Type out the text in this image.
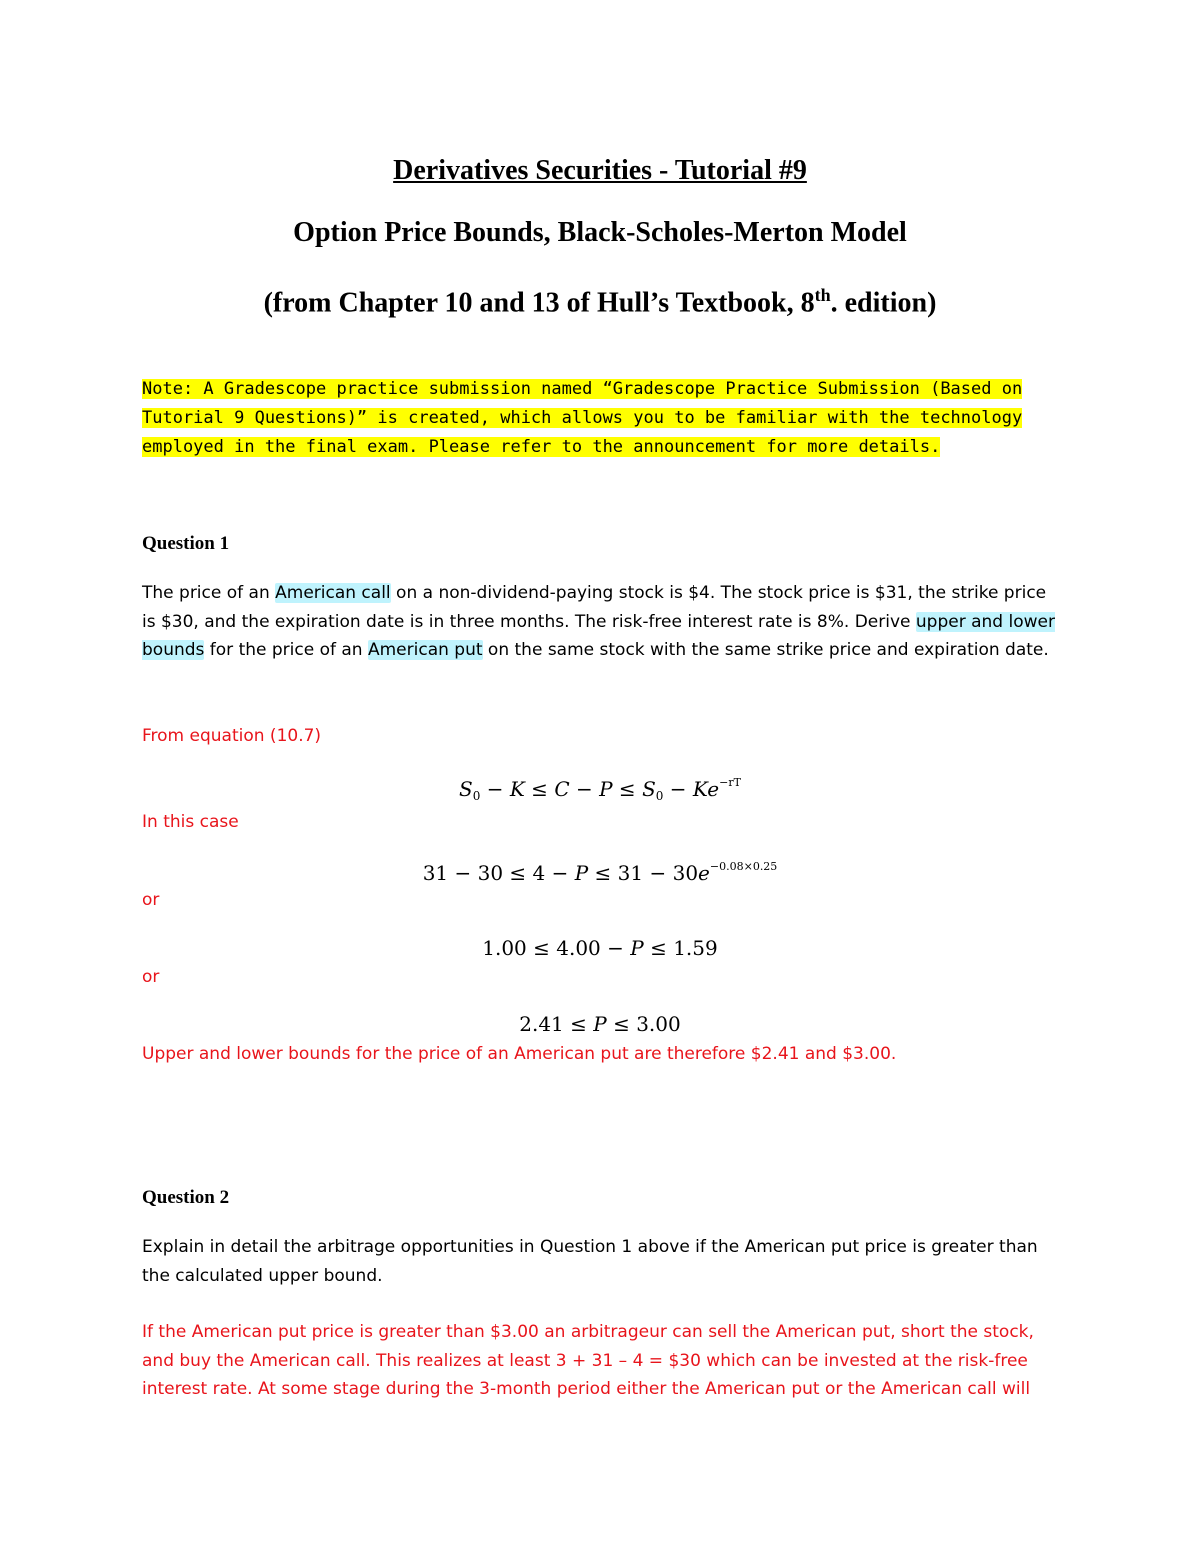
Derivatives Securities - Tutorial #9
Option Price Bounds, Black-Scholes-Merton Model
(from Chapter 10 and 13 of Hull’s Textbook, 8th. edition)
Note: A Gradescope practice submission named “Gradescope Practice Submission (Based on Tutorial 9 Questions)” is created, which allows you to be familiar with the technology employed in the final exam. Please refer to the announcement for more details.
Question 1
The price of an American call on a non-dividend-paying stock is $4. The stock price is $31, the strike price is $30, and the expiration date is in three months. The risk-free interest rate is 8%. Derive upper and lower bounds for the price of an American put on the same stock with the same strike price and expiration date.
From equation (10.7)
$S_0 - K \le C - P \le S_0 - Ke^{-rT}$
In this case
$31 - 30 \le 4 - P \le 31 - 30e^{-0.08\times 0.25}$
or
1.00 ≤ 4.00 − P ≤ 1.59
or
2.41 ≤ P ≤ 3.00
Upper and lower bounds for the price of an American put are therefore $2.41 and $3.00.
Question 2
Explain in detail the arbitrage opportunities in Question 1 above if the American put price is greater than the calculated upper bound.
If the American put price is greater than $3.00 an arbitrageur can sell the American put, short the stock, and buy the American call. This realizes at least 3 + 31 – 4 = $30 which can be invested at the risk-free interest rate. At some stage during the 3-month period either the American put or the American call will
